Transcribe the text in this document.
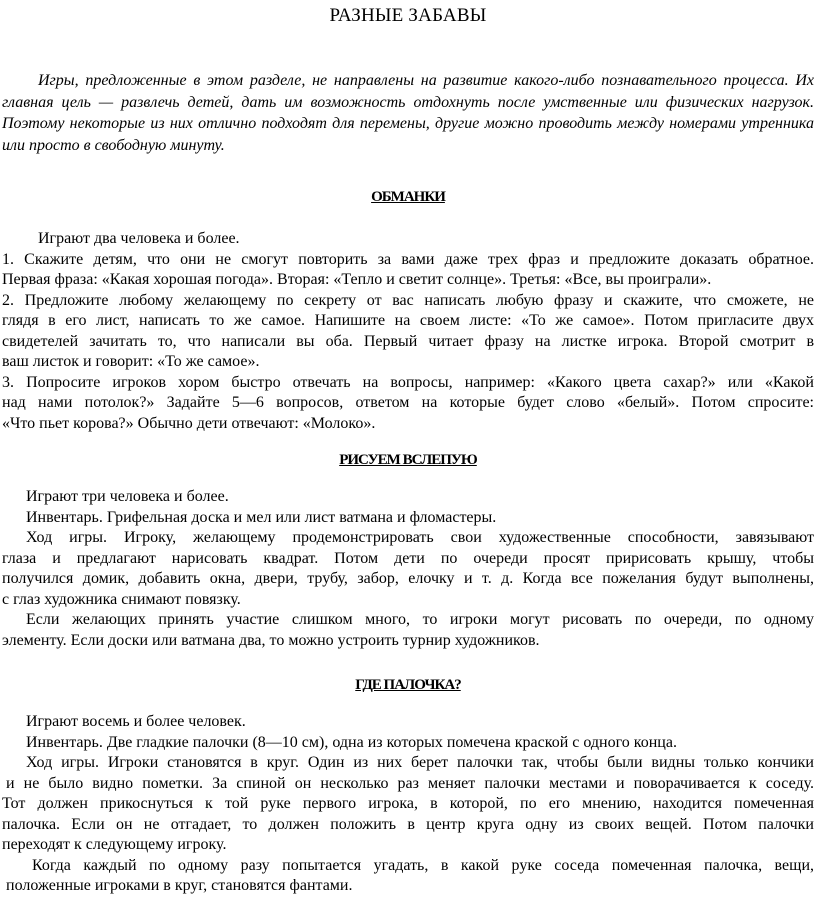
РАЗНЫЕ ЗАБАВЫ
Игры, предложенные в этом разделе, не направлены на развитие какого-либо познавательного процесса. Их главная цель — развлечь детей, дать им возможность отдохнуть после умственные или физических нагрузок. Поэтому некоторые из них отлично подходят для перемены, другие можно проводить между номерами утренника или просто в свободную минуту.
ОБМАНКИ
Играют два человека и более.
1. Скажите детям, что они не смогут повторить за вами даже трех фраз и предложите доказать обратное.
Первая фраза: «Какая хорошая погода». Вторая: «Тепло и светит солнце». Третья: «Все, вы проиграли».
2. Предложите любому желающему по секрету от вас написать любую фразу и скажите, что сможете, не
глядя в его лист, написать то же самое. Напишите на своем листе: «То же самое». Потом пригласите двух
свидетелей зачитать то, что написали вы оба. Первый читает фразу на листке игрока. Второй смотрит в
ваш листок и говорит: «То же самое».
3. Попросите игроков хором быстро отвечать на вопросы, например: «Какого цвета сахар?» или «Какой
над нами потолок?» Задайте 5—6 вопросов, ответом на которые будет слово «белый». Потом спросите:
«Что пьет корова?» Обычно дети отвечают: «Молоко».
РИСУЕМ ВСЛЕПУЮ
Играют три человека и более.
Инвентарь. Грифельная доска и мел или лист ватмана и фломастеры.
Ход игры. Игроку, желающему продемонстрировать свои художественные способности, завязывают
глаза и предлагают нарисовать квадрат. Потом дети по очереди просят пририсовать крышу, чтобы
получился домик, добавить окна, двери, трубу, забор, елочку и т. д. Когда все пожелания будут выполнены,
с глаз художника снимают повязку.
Если желающих принять участие слишком много, то игроки могут рисовать по очереди, по одному
элементу. Если доски или ватмана два, то можно устроить турнир художников.
ГДЕ ПАЛОЧКА?
Играют восемь и более человек.
Инвентарь. Две гладкие палочки (8—10 см), одна из которых помечена краской с одного конца.
Ход игры. Игроки становятся в круг. Один из них берет палочки так, чтобы были видны только кончики
и не было видно пометки. За спиной он несколько раз меняет палочки местами и поворачивается к соседу.
Тот должен прикоснуться к той руке первого игрока, в которой, по его мнению, находится помеченная
палочка. Если он не отгадает, то должен положить в центр круга одну из своих вещей. Потом палочки
переходят к следующему игроку.
Когда каждый по одному разу попытается угадать, в какой руке соседа помеченная палочка, вещи,
положенные игроками в круг, становятся фантами.
